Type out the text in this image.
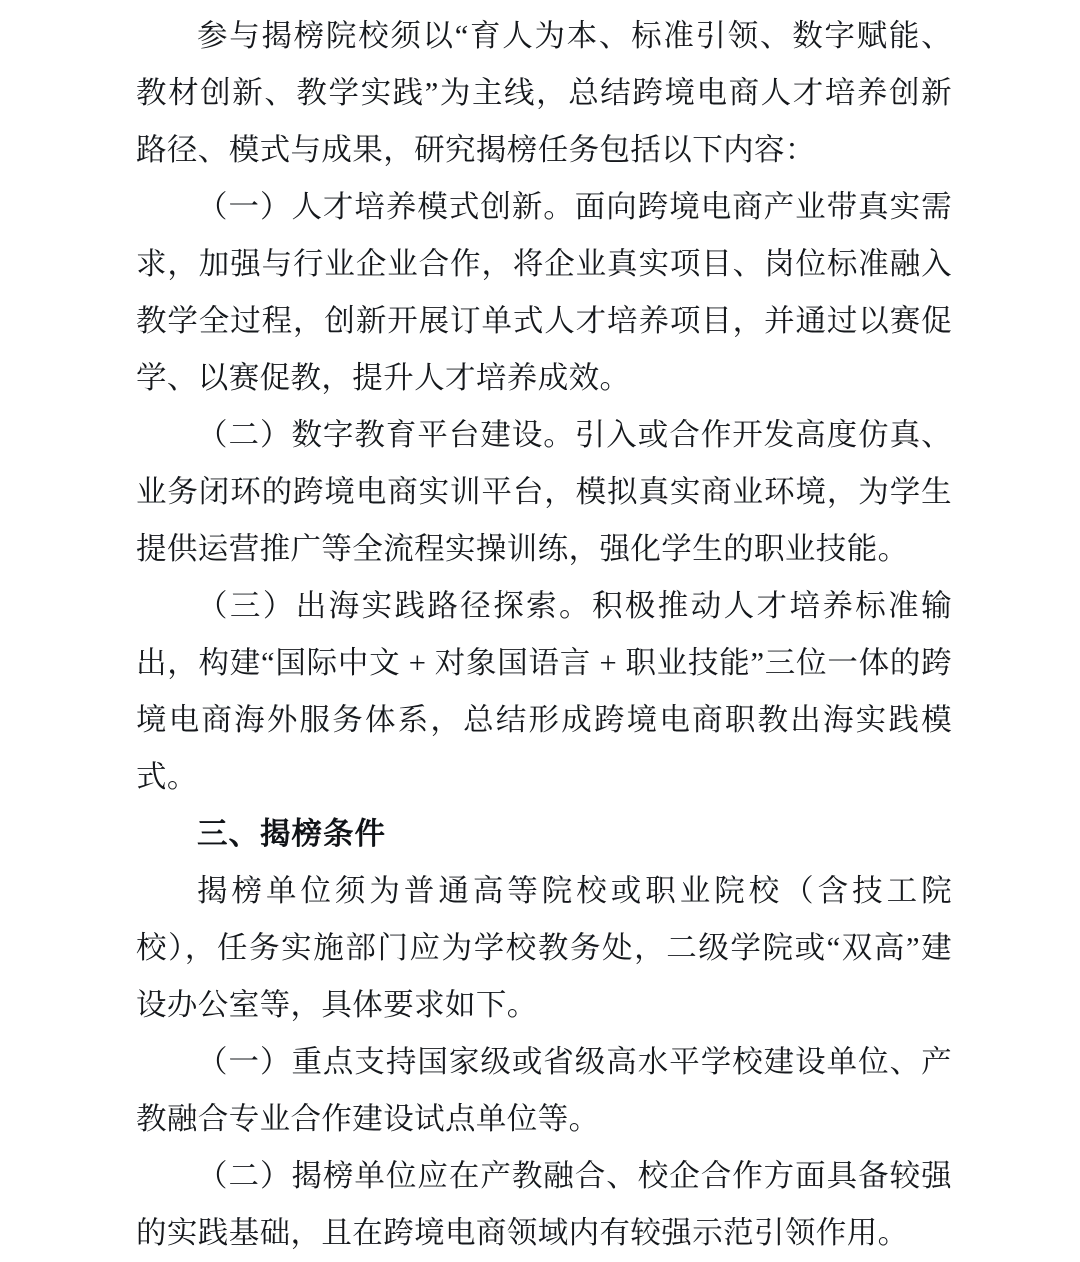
参与揭榜院校须以“育人为本、标准引领、数字赋能、教材创新、教学实践”为主线，总结跨境电商人才培养创新路径、模式与成果，研究揭榜任务包括以下内容：

（一）人才培养模式创新。面向跨境电商产业带真实需求，加强与行业企业合作，将企业真实项目、岗位标准融入教学全过程，创新开展订单式人才培养项目，并通过以赛促学、以赛促教，提升人才培养成效。

（二）数字教育平台建设。引入或合作开发高度仿真、业务闭环的跨境电商实训平台，模拟真实商业环境，为学生提供运营推广等全流程实操训练，强化学生的职业技能。

（三）出海实践路径探索。积极推动人才培养标准输出，构建“国际中文 + 对象国语言 + 职业技能”三位一体的跨境电商海外服务体系，总结形成跨境电商职教出海实践模式。

三、揭榜条件

揭榜单位须为普通高等院校或职业院校（含技工院校），任务实施部门应为学校教务处，二级学院或“双高”建设办公室等，具体要求如下。

（一）重点支持国家级或省级高水平学校建设单位、产教融合专业合作建设试点单位等。

（二）揭榜单位应在产教融合、校企合作方面具备较强的实践基础，且在跨境电商领域内有较强示范引领作用。
